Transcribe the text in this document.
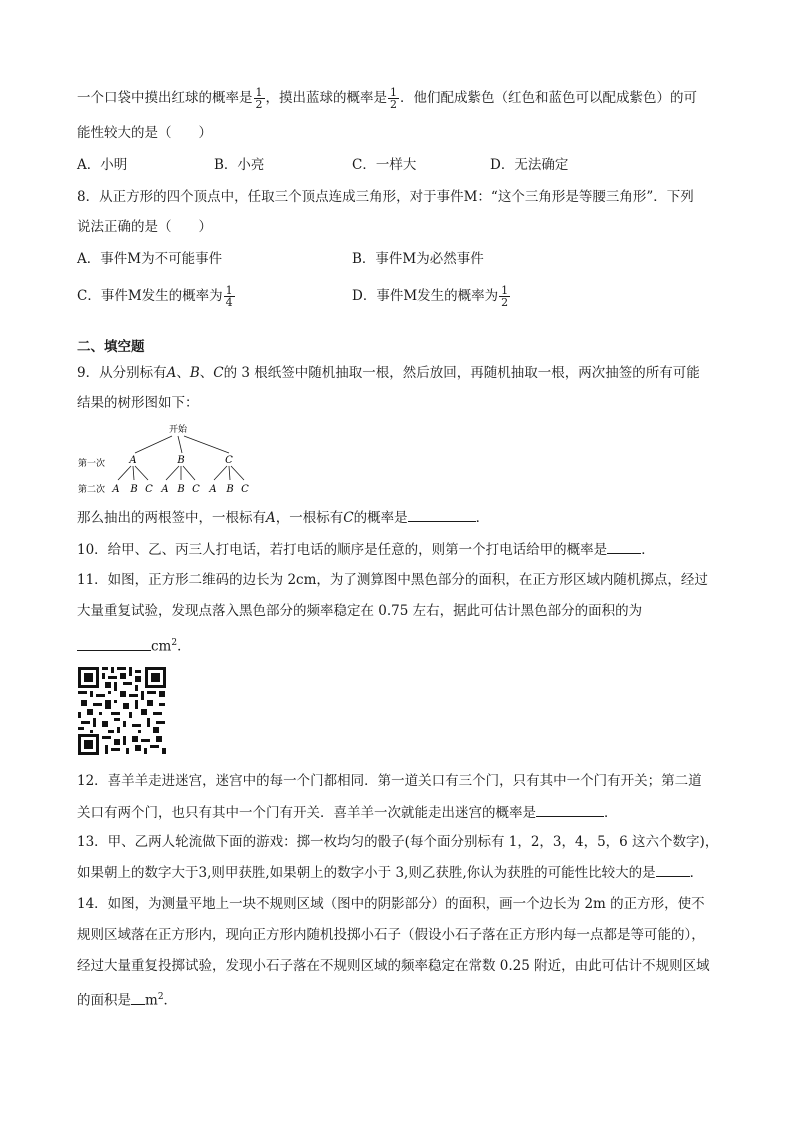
一个口袋中摸出红球的概率是 $\frac{1}{2}$ ，摸出蓝球的概率是 $\frac{1}{2}$ ．他们配成紫色（红色和蓝色可以配成紫色）的可
能性较大的是（　　）
A．小明	B．小亮	C．一样大	D．无法确定
8．从正方形的四个顶点中，任取三个顶点连成三角形，对于事件M：“这个三角形是等腰三角形”．下列
说法正确的是（　　）
A．事件M为不可能事件	B．事件M为必然事件
C．事件M发生的概率为 $\frac{1}{4}$	D．事件M发生的概率为 $\frac{1}{2}$
二、填空题
9．从分别标有A、B、C的 3 根纸签中随机抽取一根，然后放回，再随机抽取一根，两次抽签的所有可能
结果的树形图如下：
开始
第一次 A	B	C
第二次 A B C A B C A B C
那么抽出的两根签中，一根标有A，一根标有C的概率是	．
10．给甲、乙、丙三人打电话，若打电话的顺序是任意的，则第一个打电话给甲的概率是	．
11．如图，正方形二维码的边长为 2cm，为了测算图中黑色部分的面积，在正方形区域内随机掷点，经过
大量重复试验，发现点落入黑色部分的频率稳定在 0.75 左右，据此可估计黑色部分的面积的为
$cm^2$．
12．喜羊羊走进迷宫，迷宫中的每一个门都相同．第一道关口有三个门，只有其中一个门有开关；第二道
关口有两个门，也只有其中一个门有开关．喜羊羊一次就能走出迷宫的概率是	．
13．甲、乙两人轮流做下面的游戏：掷一枚均匀的骰子(每个面分别标有 1，2，3，4，5，6 这六个数字)，
如果朝上的数字大于3,则甲获胜,如果朝上的数字小于 3,则乙获胜,你认为获胜的可能性比较大的是	．
14．如图，为测量平地上一块不规则区域（图中的阴影部分）的面积，画一个边长为 2m 的正方形，使不
规则区域落在正方形内，现向正方形内随机投掷小石子（假设小石子落在正方形内每一点都是等可能的），
经过大量重复投掷试验，发现小石子落在不规则区域的频率稳定在常数 0.25 附近，由此可估计不规则区域
的面积是 $m^2$．
